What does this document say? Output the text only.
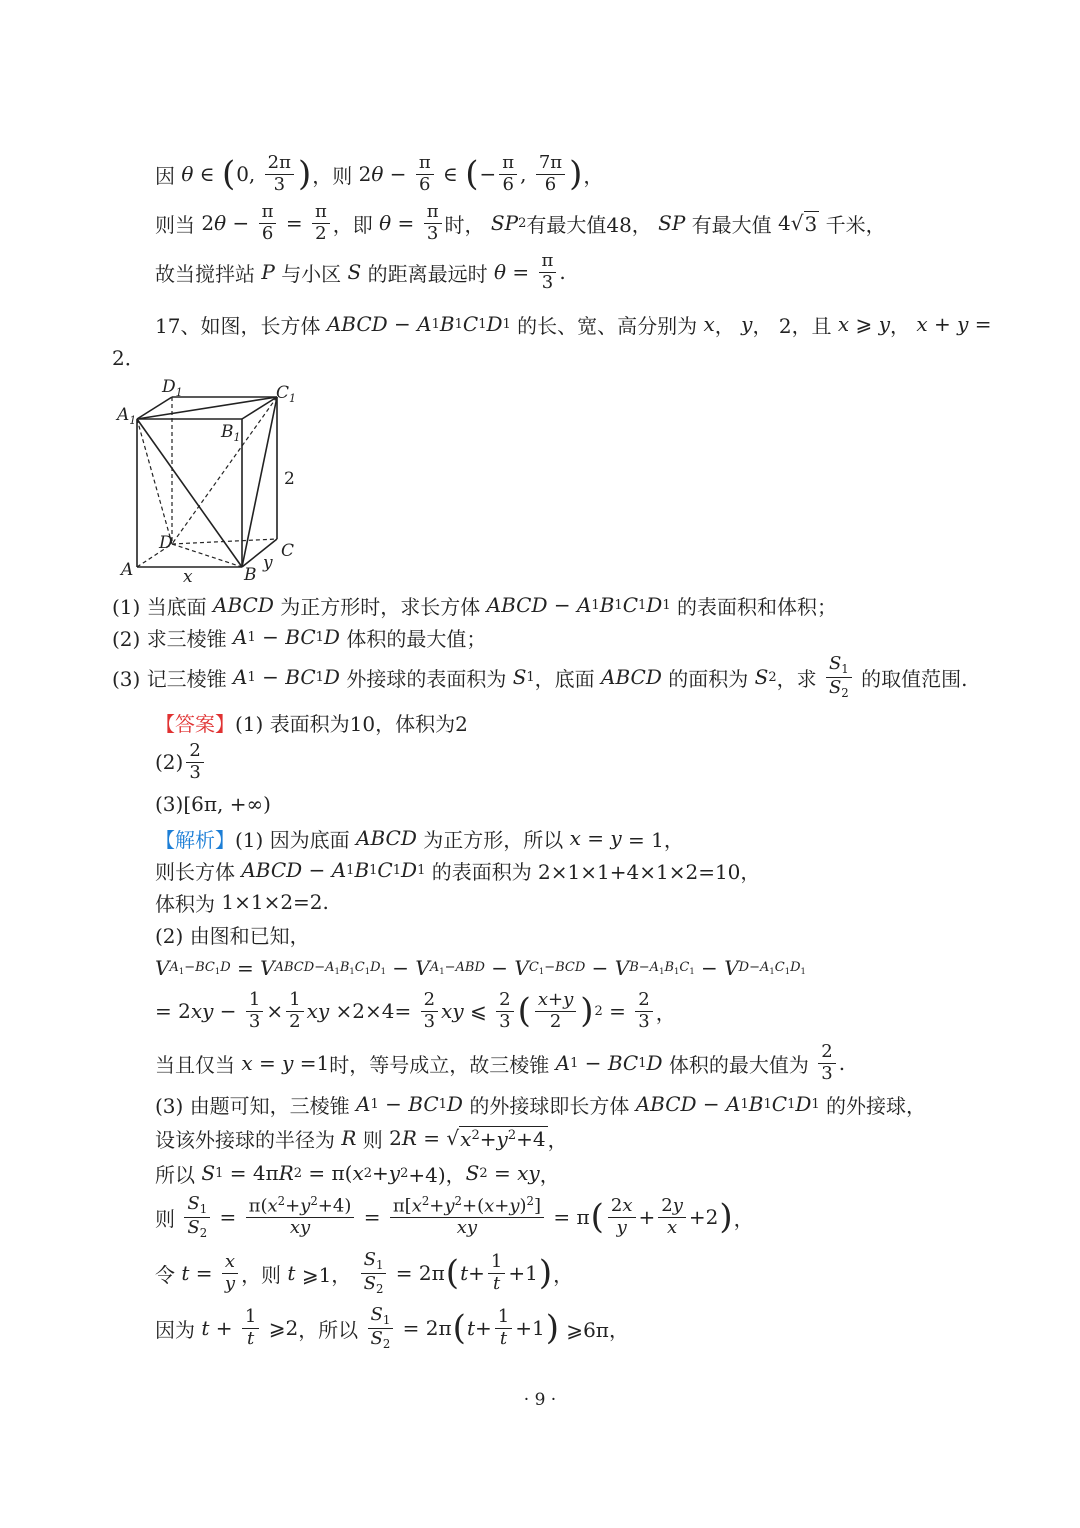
因 θ ∈ ( 0, $\frac{2\pi}{3}$ ) ，则 2 $\theta - \frac{\pi}{6}$ ∈ ( − $\frac{\pi}{6}$ , $\frac{7\pi}{6}$ ) ，
则当 2 $\theta - \frac{\pi}{6} = \frac{\pi}{2}$ ，即
$\theta = \frac{\pi}{3}$ 时，
SP 2 有最大值48，
SP
有最大值 4 √ 3
千米，
故当搅拌站
P
与小区
S
的距离最远时
$\theta = \frac{\pi}{3}$ .
17、 如图，长方体
ABCD − A 1 B 1 C 1 D 1
的长、宽、高分别为
x ， y ， 2 ，且
x ⩾ y ， x + y =
2．
$D_1$	$C_1$
$A_1$
$B_1$
D	C
A	B
x
y
2
(1) 当底面
ABCD
为正方形时，求长方体
ABCD − A 1 B 1 C 1 D 1
的表面积和体积；
(2) 求三棱锥
A 1 − BC 1 D
体积的最大值；
(3) 记三棱锥
A 1 − BC 1 D
外接球的表面积为
S 1 ，底面
ABCD
的面积为
S 2 ，求
$\frac{S_1}{S_2}$
的取值范围.
【答案】 (1) 表面积为10，体积为2
$(2) \frac{2}{3}$
(3)[6π, +∞)
【解析】 (1) 因为底面
ABCD
为正方形，所以
x = y = 1，
则长方体
ABCD − A 1 B 1 C 1 D 1
的表面积为 2×1×1+4×1×2=10，
体积为 1×1×2=2.
(2) 由图和已知，
V $A_1-BC_1D = V$ $ABCD-A_1B_1C_1D_1 - V$ $A_1-ABD - V$ $C_1-BCD - V$ $B-A_1B_1C_1 - V$ $D-A_1C_1D_1$
= 2 xy − $\frac{1}{3} \times \frac{1}{2}$ xy $\times 2\times 4= \frac{2}{3}$ xy ⩽ $\frac{2}{3}$ ( $\frac{x+y}{2}$ ) $2 = \frac{2}{3}$ ，
当且仅当
x = y =1 时，等号成立，故三棱锥
A 1 − BC 1 D
体积的最大值为
$\frac{2}{3}$ .
(3) 由题可知，三棱锥
A 1 − BC 1 D
的外接球即长方体
ABCD − A 1 B 1 C 1 D 1
的外接球，
设该外接球的半径为
R
则 2 R = √ $x^2+y^2+4$ ，
所以
S 1 = 4π R 2 = π( x 2 + y 2 +4)， S 2 = xy ，
则
$\frac{S_1}{S_2} = \frac{\pi(x^2+y^2+4)}{xy} = \frac{\pi[x^2+y^2+(x+y)^2]}{xy} = \pi$ ( $\frac{2x}{y} + \frac{2y}{x} +2$ ) ，
令
$t = \frac{x}{y}$ ，则
t ⩾1， $\frac{S_1}{S_2} = 2\pi$ ( $t + \frac{1}{t} +1$ ) ，
因为
$t + \frac{1}{t}$ ⩾2 ，所以
$\frac{S_1}{S_2} = 2\pi$ ( $t + \frac{1}{t} +1$ ) ⩾6π，
· 9 ·
